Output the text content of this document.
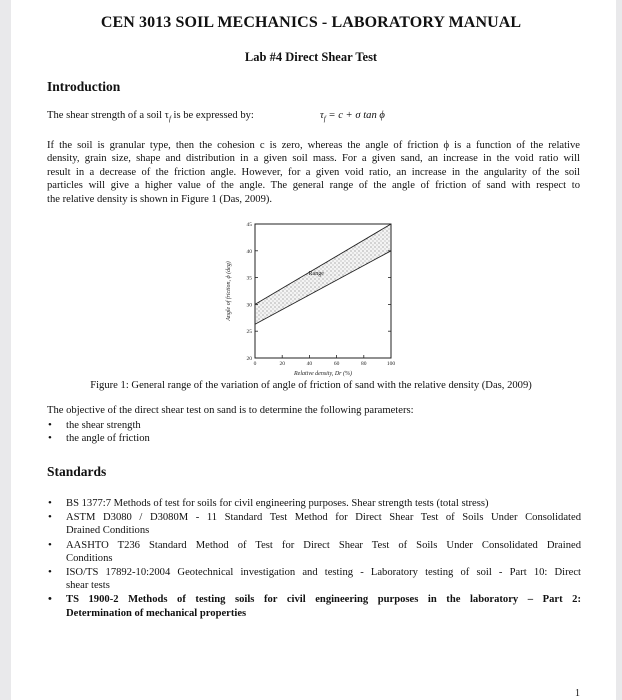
CEN 3013 SOIL MECHANICS - LABORATORY MANUAL
Lab #4 Direct Shear Test
Introduction
The shear strength of a soil $\tau_f$ is be expressed by:	$\tau_f = c + \sigma$ tan ϕ
If the soil is granular type, then the cohesion c is zero, whereas the angle of friction ϕ is a function of the relative
density, grain size, shape and distribution in a given soil mass. For a given sand, an increase in the void ratio will
result in a decrease of the friction angle. However, for a given void ratio, an increase in the angularity of the soil
particles will give a higher value of the angle. The general range of the angle of friction of sand with respect to
the relative density is shown in Figure 1 (Das, 2009).
20
25
30
35
40
45
0	20	40	60	80	100
Range
Angle of friction, ϕ (deg)
Relative density, Dr (%)
Figure 1: General range of the variation of angle of friction of sand with the relative density (Das, 2009)
The objective of the direct shear test on sand is to determine the following parameters:
• the shear strength
• the angle of friction
Standards
• BS 1377:7 Methods of test for soils for civil engineering purposes. Shear strength tests (total stress)
• ASTM D3080 / D3080M - 11 Standard Test Method for Direct Shear Test of Soils Under Consolidated
Drained Conditions
• AASHTO T236 Standard Method of Test for Direct Shear Test of Soils Under Consolidated Drained
Conditions
• ISO/TS 17892-10:2004 Geotechnical investigation and testing - Laboratory testing of soil - Part 10: Direct
shear tests
• TS 1900-2 Methods of testing soils for civil engineering purposes in the laboratory – Part 2:
Determination of mechanical properties
1
